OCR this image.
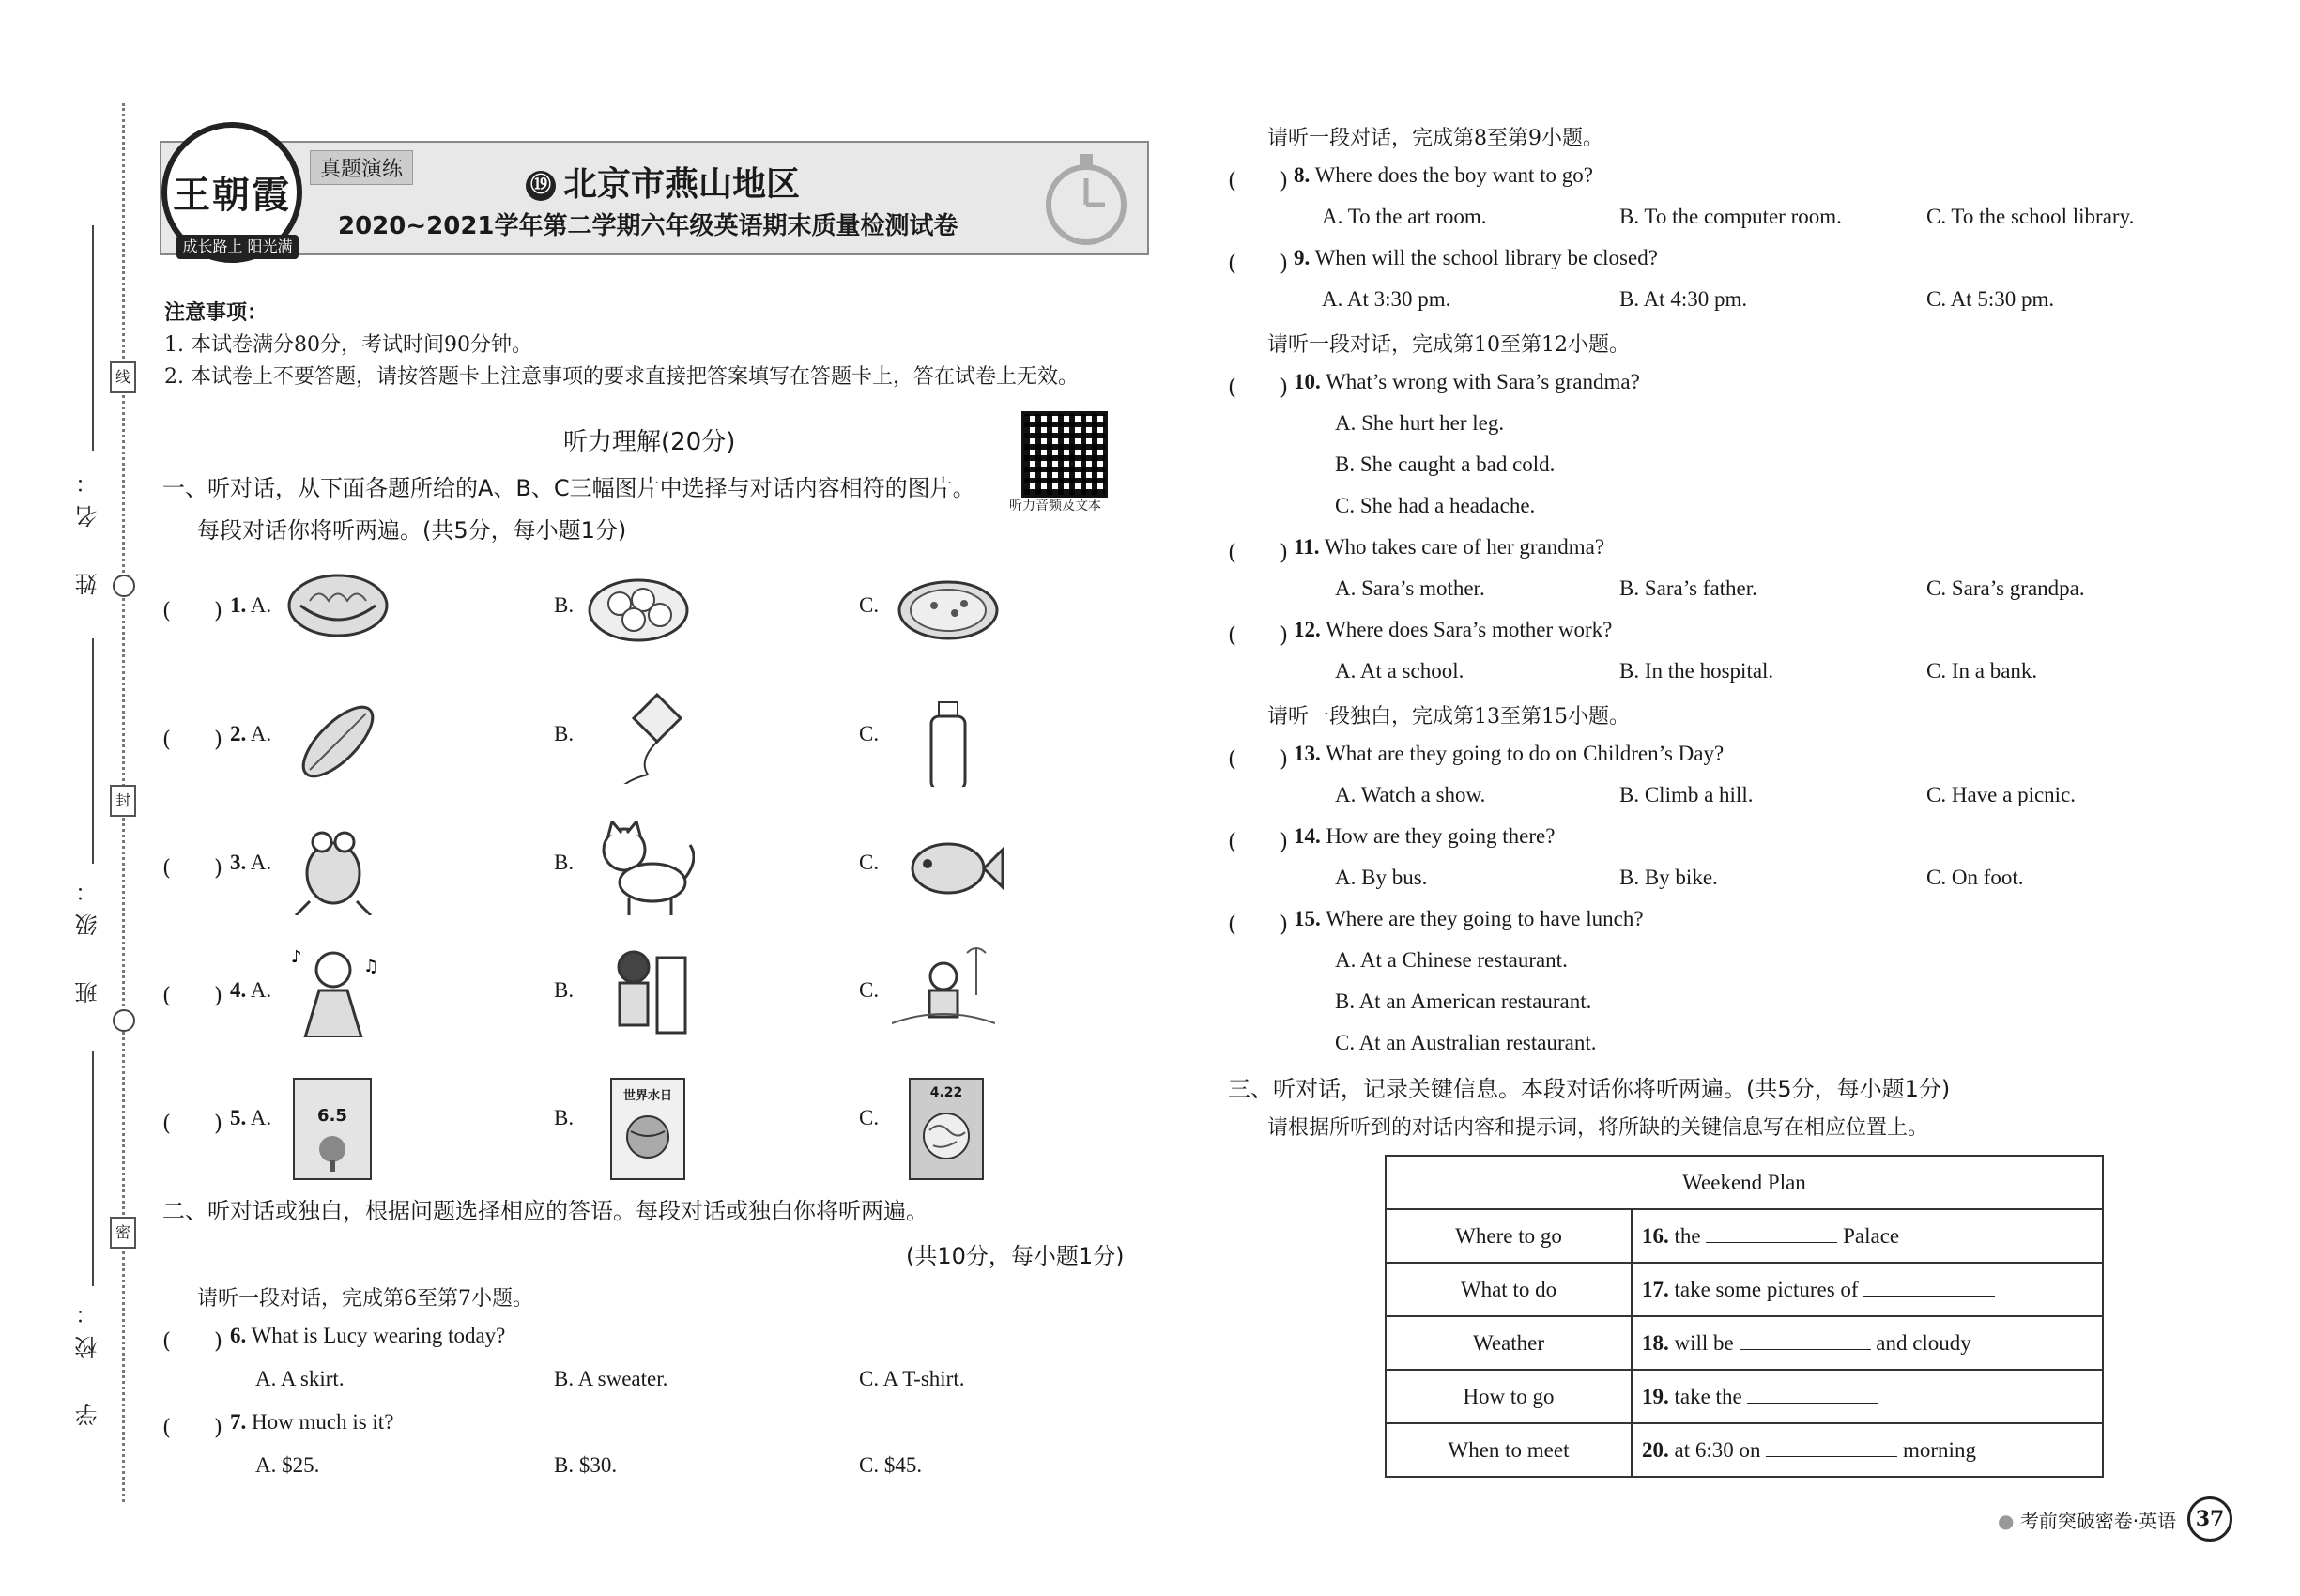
线
封
密
姓　名：
班　级：
学　校：
王朝霞
成长路上 阳光满天
真题演练
⑲ 北京市燕山地区
2020~2021学年第二学期六年级英语期末质量检测试卷
注意事项：
1. 本试卷满分80分，考试时间90分钟。
2. 本试卷上不要答题，请按答题卡上注意事项的要求直接把答案填写在答题卡上，答在试卷上无效。
听力理解(20分)
听力音频及文本
一、听对话，从下面各题所给的A、B、C三幅图片中选择与对话内容相符的图片。
每段对话你将听两遍。(共5分，每小题1分)
(　　) 1. A.	B.	C.
(　　) 2. A.	B.	C.
(　　) 3. A.	B.	C.
(　　) 4. A.
♪	♫
B.	C.
(　　) 5. A.	6.5	B.
世界水日
C.
4.22
二、听对话或独白，根据问题选择相应的答语。每段对话或独白你将听两遍。
(共10分，每小题1分)
请听一段对话，完成第6至第7小题。
(　　) 6. What is Lucy wearing today?
A. A skirt.	B. A sweater.	C. A T-shirt.
(　　) 7. How much is it?
A. $25.	B. $30.	C. $45.
请听一段对话，完成第8至第9小题。
(　　) 8. Where does the boy want to go?
A. To the art room.	B. To the computer room.	C. To the school library.
(　　) 9. When will the school library be closed?
A. At 3:30 pm.	B. At 4:30 pm.	C. At 5:30 pm.
请听一段对话，完成第10至第12小题。
(　　) 10. What’s wrong with Sara’s grandma?
A. She hurt her leg.
B. She caught a bad cold.
C. She had a headache.
(　　) 11. Who takes care of her grandma?
A. Sara’s mother.	B. Sara’s father.	C. Sara’s grandpa.
(　　) 12. Where does Sara’s mother work?
A. At a school.	B. In the hospital.	C. In a bank.
请听一段独白，完成第13至第15小题。
(　　) 13. What are they going to do on Children’s Day?
A. Watch a show.	B. Climb a hill.	C. Have a picnic.
(　　) 14. How are they going there?
A. By bus.	B. By bike.	C. On foot.
(　　) 15. Where are they going to have lunch?
A. At a Chinese restaurant.
B. At an American restaurant.
C. At an Australian restaurant.
三、听对话，记录关键信息。本段对话你将听两遍。(共5分，每小题1分)
请根据所听到的对话内容和提示词，将所缺的关键信息写在相应位置上。
Weekend Plan	
Where to go	16. the Palace
What to do	17. take some pictures of
Weather	18. will be and cloudy
How to go	19. take the
When to meet	20. at 6:30 on morning
● 考前突破密卷·英语 37
